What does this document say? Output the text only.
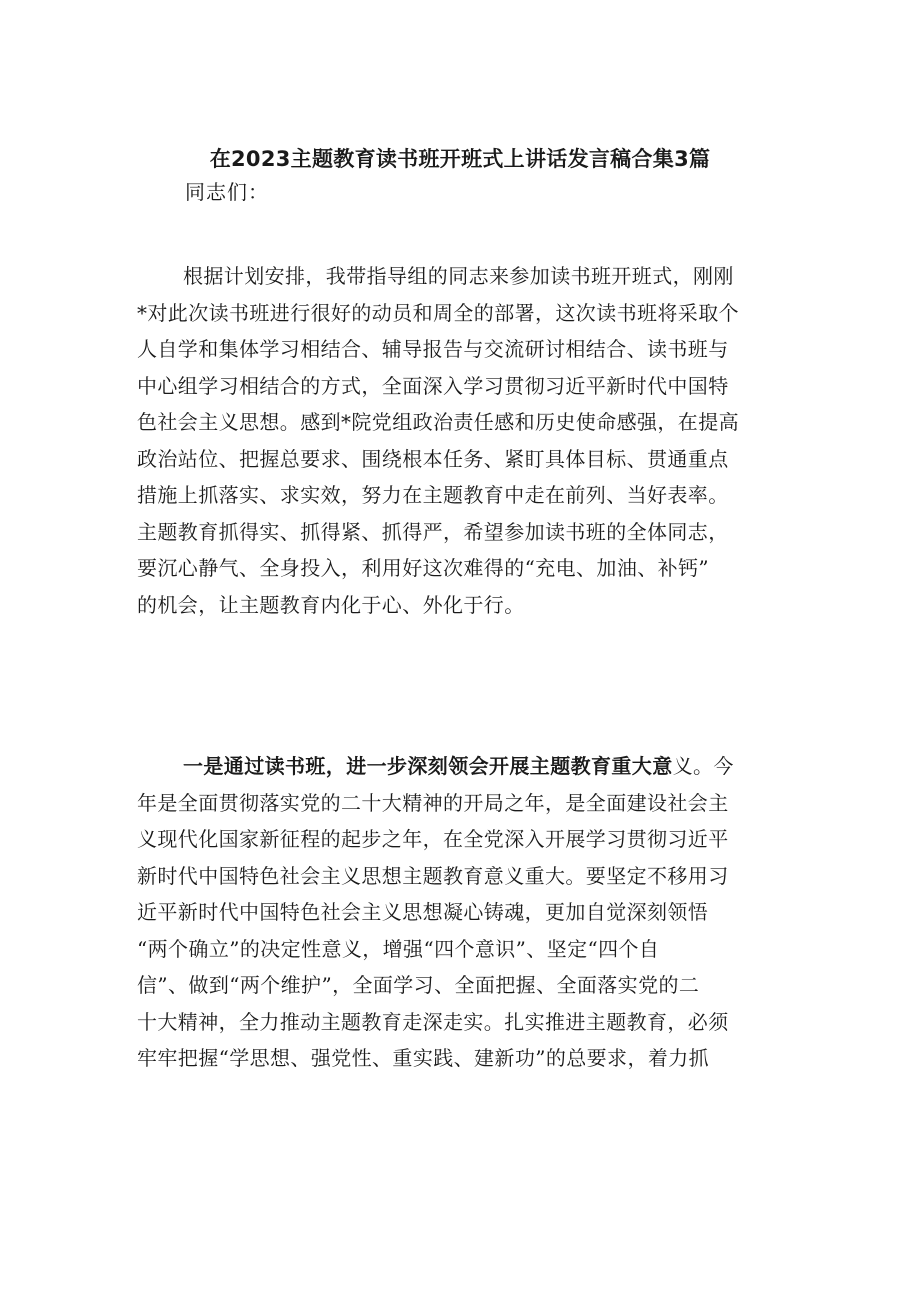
在2023主题教育读书班开班式上讲话发言稿合集3篇
同志们：
根据计划安排，我带指导组的同志来参加读书班开班式，刚刚
*对此次读书班进行很好的动员和周全的部署，这次读书班将采取个
人自学和集体学习相结合、辅导报告与交流研讨相结合、读书班与
中心组学习相结合的方式，全面深入学习贯彻习近平新时代中国特
色社会主义思想。感到*院党组政治责任感和历史使命感强，在提高
政治站位、把握总要求、围绕根本任务、紧盯具体目标、贯通重点
措施上抓落实、求实效，努力在主题教育中走在前列、当好表率。
主题教育抓得实、抓得紧、抓得严，希望参加读书班的全体同志，
要沉心静气、全身投入，利用好这次难得的“充电、加油、补钙”
的机会，让主题教育内化于心、外化于行。
一是通过读书班，进一步深刻领会开展主题教育重大意义。今
年是全面贯彻落实党的二十大精神的开局之年，是全面建设社会主
义现代化国家新征程的起步之年，在全党深入开展学习贯彻习近平
新时代中国特色社会主义思想主题教育意义重大。要坚定不移用习
近平新时代中国特色社会主义思想凝心铸魂，更加自觉深刻领悟
“两个确立”的决定性意义，增强“四个意识”、坚定“四个自
信”、做到“两个维护”，全面学习、全面把握、全面落实党的二
十大精神，全力推动主题教育走深走实。扎实推进主题教育，必须
牢牢把握“学思想、强党性、重实践、建新功”的总要求，着力抓
